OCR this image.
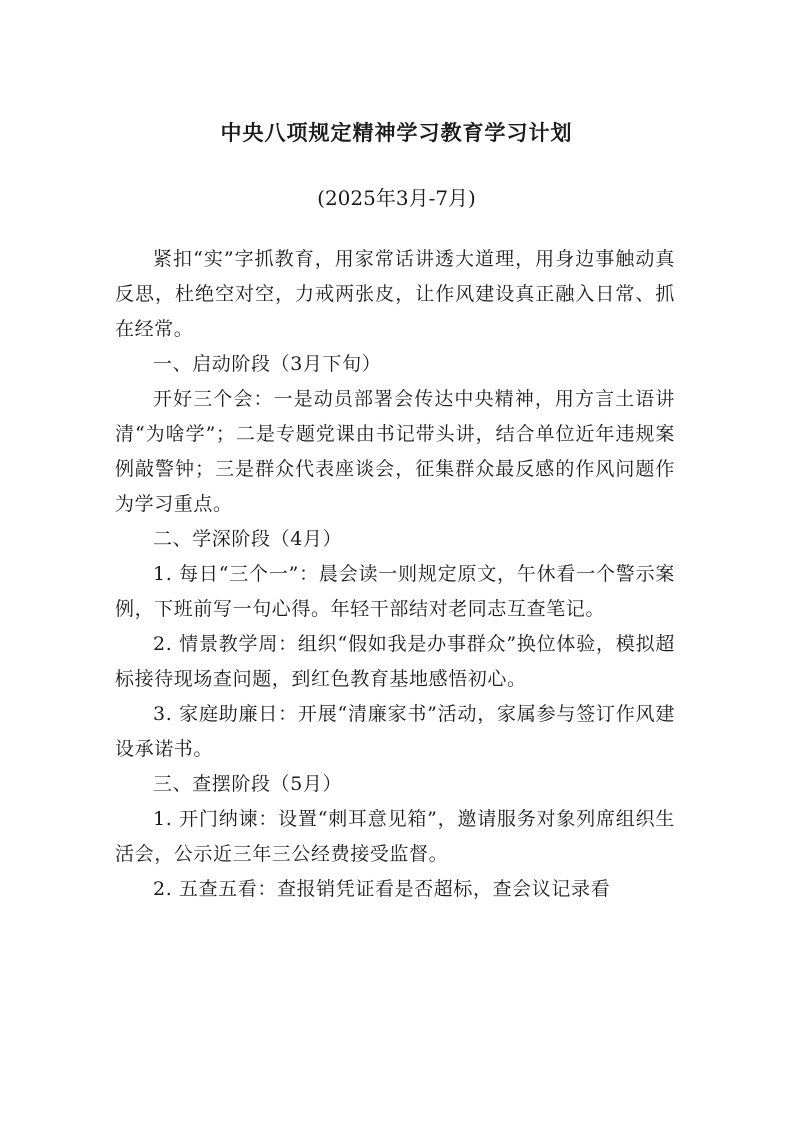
中央八项规定精神学习教育学习计划
(2025年3月-7月)

紧扣“实”字抓教育，用家常话讲透大道理，用身边事触动真反思，杜绝空对空，力戒两张皮，让作风建设真正融入日常、抓在经常。

一、启动阶段（3月下旬）

开好三个会：一是动员部署会传达中央精神，用方言土语讲清“为啥学”；二是专题党课由书记带头讲，结合单位近年违规案例敲警钟；三是群众代表座谈会，征集群众最反感的作风问题作为学习重点。

二、学深阶段（4月）

1. 每日“三个一”：晨会读一则规定原文，午休看一个警示案例，下班前写一句心得。年轻干部结对老同志互查笔记。

2. 情景教学周：组织“假如我是办事群众”换位体验，模拟超标接待现场查问题，到红色教育基地感悟初心。

3. 家庭助廉日：开展“清廉家书”活动，家属参与签订作风建设承诺书。

三、查摆阶段（5月）

1. 开门纳谏：设置“刺耳意见箱”，邀请服务对象列席组织生活会，公示近三年三公经费接受监督。

2. 五查五看：查报销凭证看是否超标，查会议记录看
